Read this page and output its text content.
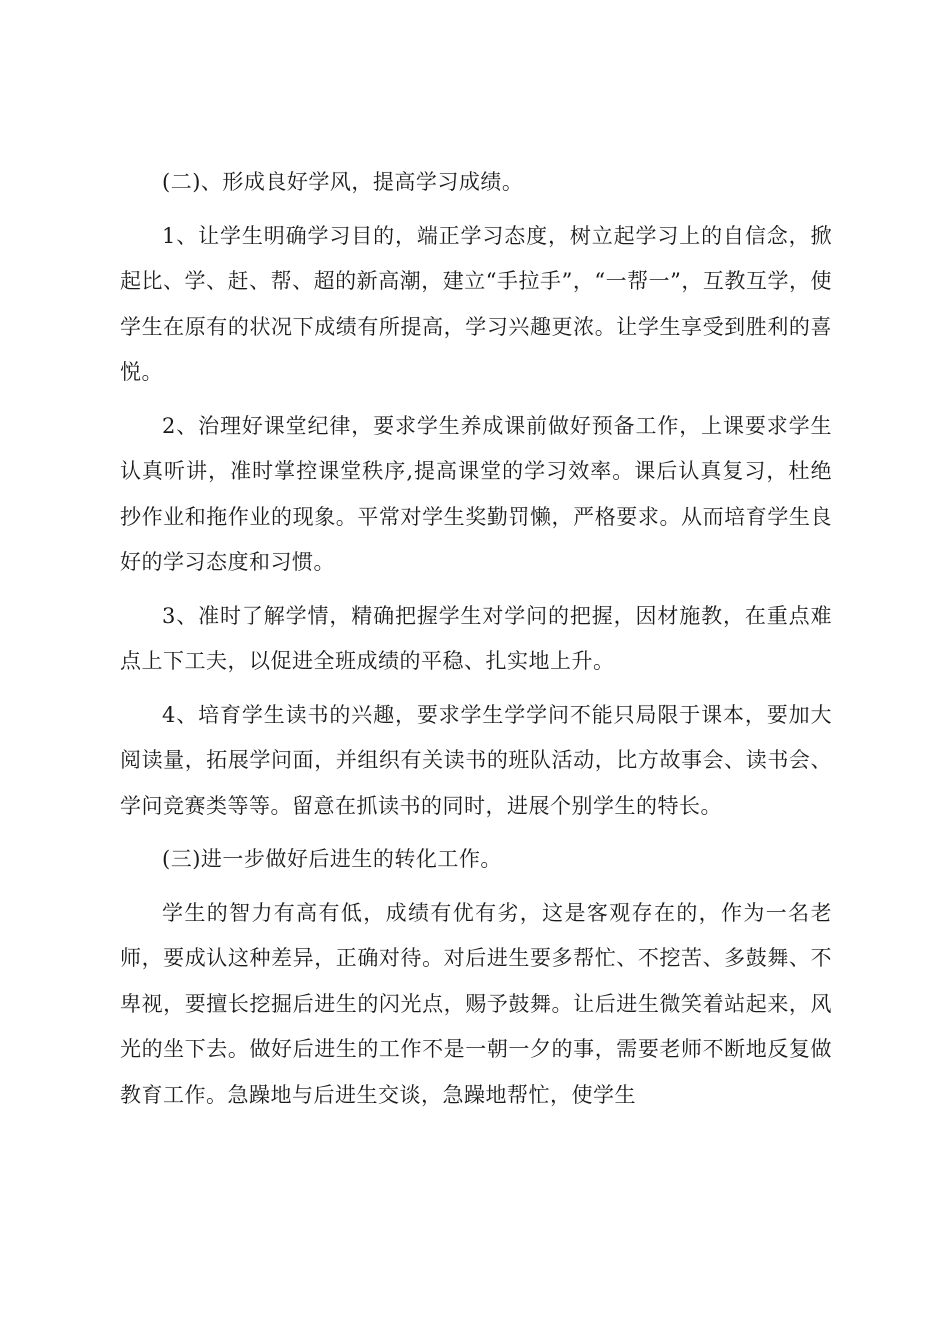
(二)、形成良好学风，提高学习成绩。

1、让学生明确学习目的，端正学习态度，树立起学习上的自信念，掀起比、学、赶、帮、超的新高潮，建立“手拉手”，“一帮一”，互教互学，使学生在原有的状况下成绩有所提高，学习兴趣更浓。让学生享受到胜利的喜悦。

2、治理好课堂纪律，要求学生养成课前做好预备工作，上课要求学生认真听讲，准时掌控课堂秩序,提高课堂的学习效率。课后认真复习，杜绝抄作业和拖作业的现象。平常对学生奖勤罚懒，严格要求。从而培育学生良好的学习态度和习惯。

3、准时了解学情，精确把握学生对学问的把握，因材施教，在重点难点上下工夫，以促进全班成绩的平稳、扎实地上升。

4、培育学生读书的兴趣，要求学生学学问不能只局限于课本，要加大阅读量，拓展学问面，并组织有关读书的班队活动，比方故事会、读书会、学问竞赛类等等。留意在抓读书的同时，进展个别学生的特长。

(三)进一步做好后进生的转化工作。

学生的智力有高有低，成绩有优有劣，这是客观存在的，作为一名老师，要成认这种差异，正确对待。对后进生要多帮忙、不挖苦、多鼓舞、不卑视，要擅长挖掘后进生的闪光点，赐予鼓舞。让后进生微笑着站起来，风光的坐下去。做好后进生的工作不是一朝一夕的事，需要老师不断地反复做教育工作。急躁地与后进生交谈，急躁地帮忙，使学生
